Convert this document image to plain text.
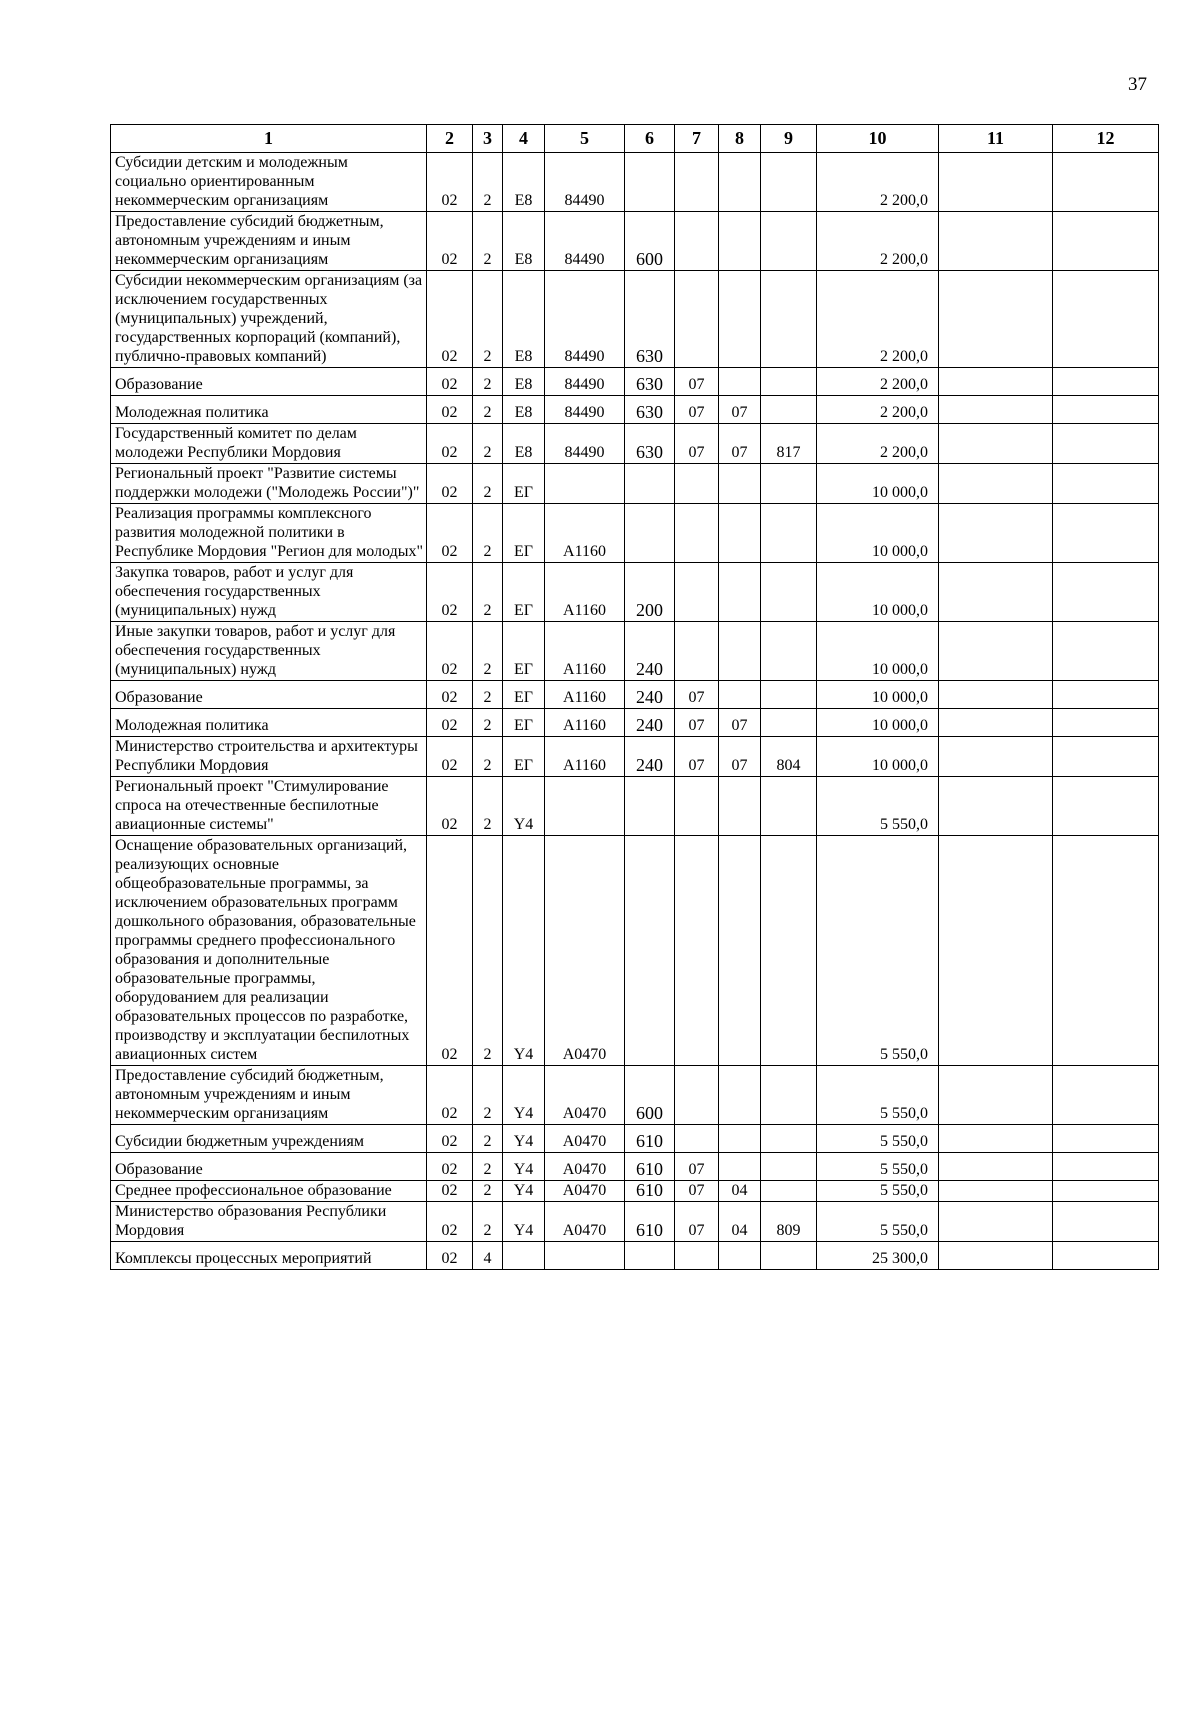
37
1	2	3	4	5	6	7	8	9	10	11	12
Субсидии детским и молодежным социально ориентированным некоммерческим организациям	02	2	Е8	84490					2 200,0		
Предоставление субсидий бюджетным, автономным учреждениям и иным некоммерческим организациям	02	2	Е8	84490	600				2 200,0		
Субсидии некоммерческим организациям (за исключением государственных (муниципальных) учреждений, государственных корпораций (компаний), публично-правовых компаний)	02	2	Е8	84490	630				2 200,0		
Образование	02	2	Е8	84490	630	07			2 200,0		
Молодежная политика	02	2	Е8	84490	630	07	07		2 200,0		
Государственный комитет по делам молодежи Республики Мордовия	02	2	Е8	84490	630	07	07	817	2 200,0		
Региональный проект "Развитие системы поддержки молодежи ("Молодежь России")"	02	2	ЕГ						10 000,0		
Реализация программы комплексного развития молодежной политики в Республике Мордовия "Регион для молодых"	02	2	ЕГ	А1160					10 000,0		
Закупка товаров, работ и услуг для обеспечения государственных (муниципальных) нужд	02	2	ЕГ	А1160	200				10 000,0		
Иные закупки товаров, работ и услуг для обеспечения государственных (муниципальных) нужд	02	2	ЕГ	А1160	240				10 000,0		
Образование	02	2	ЕГ	А1160	240	07			10 000,0		
Молодежная политика	02	2	ЕГ	А1160	240	07	07		10 000,0		
Министерство строительства и архитектуры Республики Мордовия	02	2	ЕГ	А1160	240	07	07	804	10 000,0		
Региональный проект "Стимулирование спроса на отечественные беспилотные авиационные системы"	02	2	Y4						5 550,0		
Оснащение образовательных организаций, реализующих основные общеобразовательные программы, за исключением образовательных программ дошкольного образования, образовательные программы среднего профессионального образования и дополнительные образовательные программы, оборудованием для реализации образовательных процессов по разработке, производству и эксплуатации беспилотных авиационных систем	02	2	Y4	А0470					5 550,0		
Предоставление субсидий бюджетным, автономным учреждениям и иным некоммерческим организациям	02	2	Y4	А0470	600				5 550,0		
Субсидии бюджетным учреждениям	02	2	Y4	А0470	610				5 550,0		
Образование	02	2	Y4	А0470	610	07			5 550,0		
Среднее профессиональное образование	02	2	Y4	А0470	610	07	04		5 550,0		
Министерство образования Республики Мордовия	02	2	Y4	А0470	610	07	04	809	5 550,0		
Комплексы процессных мероприятий	02	4							25 300,0		
